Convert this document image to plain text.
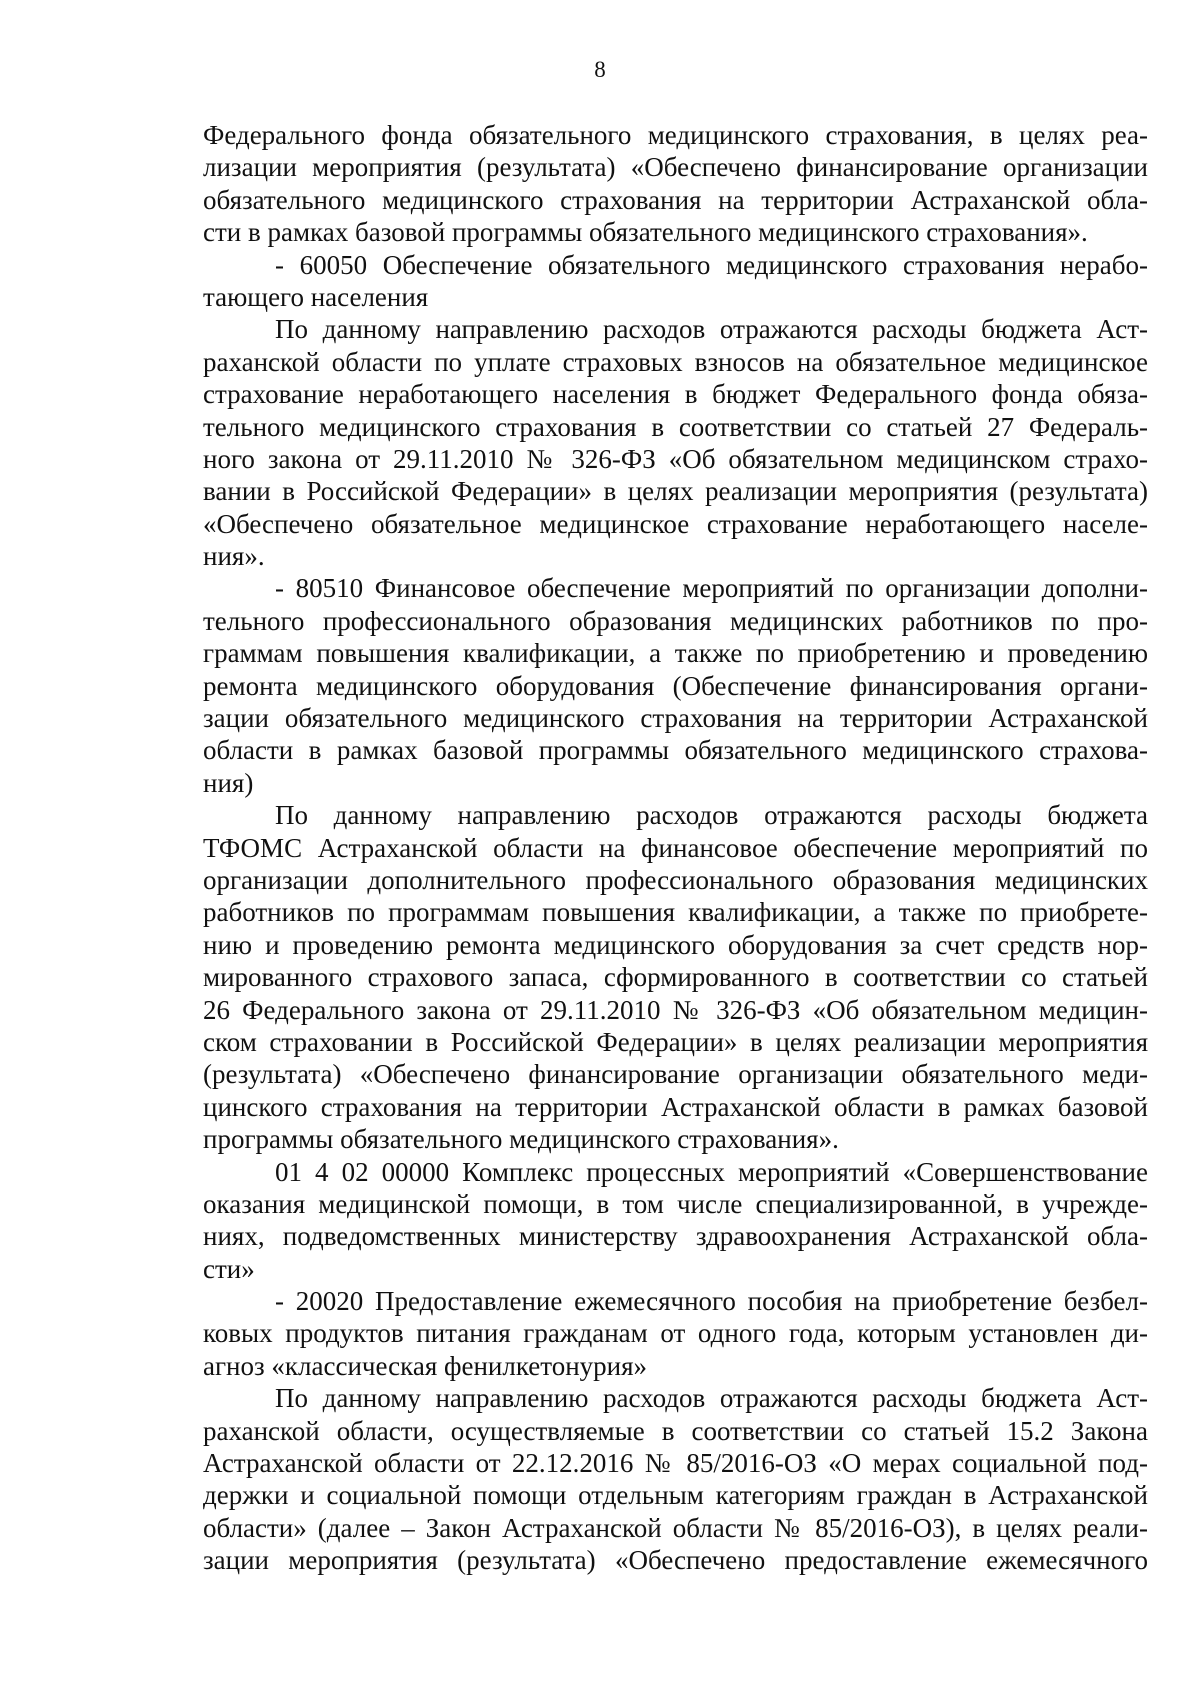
8
Федерального фонда обязательного медицинского страхования, в целях реа-
лизации мероприятия (результата) «Обеспечено финансирование организации
обязательного медицинского страхования на территории Астраханской обла-
сти в рамках базовой программы обязательного медицинского страхования».
- 60050 Обеспечение обязательного медицинского страхования нерабо-
тающего населения
По данному направлению расходов отражаются расходы бюджета Аст-
раханской области по уплате страховых взносов на обязательное медицинское
страхование неработающего населения в бюджет Федерального фонда обяза-
тельного медицинского страхования в соответствии со статьей 27 Федераль-
ного закона от 29.11.2010 № 326-ФЗ «Об обязательном медицинском страхо-
вании в Российской Федерации» в целях реализации мероприятия (результата)
«Обеспечено обязательное медицинское страхование неработающего населе-
ния».
- 80510 Финансовое обеспечение мероприятий по организации дополни-
тельного профессионального образования медицинских работников по про-
граммам повышения квалификации, а также по приобретению и проведению
ремонта медицинского оборудования (Обеспечение финансирования органи-
зации обязательного медицинского страхования на территории Астраханской
области в рамках базовой программы обязательного медицинского страхова-
ния)
По данному направлению расходов отражаются расходы бюджета
ТФОМС Астраханской области на финансовое обеспечение мероприятий по
организации дополнительного профессионального образования медицинских
работников по программам повышения квалификации, а также по приобрете-
нию и проведению ремонта медицинского оборудования за счет средств нор-
мированного страхового запаса, сформированного в соответствии со статьей
26 Федерального закона от 29.11.2010 № 326-ФЗ «Об обязательном медицин-
ском страховании в Российской Федерации» в целях реализации мероприятия
(результата) «Обеспечено финансирование организации обязательного меди-
цинского страхования на территории Астраханской области в рамках базовой
программы обязательного медицинского страхования».
01 4 02 00000 Комплекс процессных мероприятий «Совершенствование
оказания медицинской помощи, в том числе специализированной, в учрежде-
ниях, подведомственных министерству здравоохранения Астраханской обла-
сти»
- 20020 Предоставление ежемесячного пособия на приобретение безбел-
ковых продуктов питания гражданам от одного года, которым установлен ди-
агноз «классическая фенилкетонурия»
По данному направлению расходов отражаются расходы бюджета Аст-
раханской области, осуществляемые в соответствии со статьей 15.2 Закона
Астраханской области от 22.12.2016 № 85/2016-ОЗ «О мерах социальной под-
держки и социальной помощи отдельным категориям граждан в Астраханской
области» (далее – Закон Астраханской области № 85/2016-ОЗ), в целях реали-
зации мероприятия (результата) «Обеспечено предоставление ежемесячного
